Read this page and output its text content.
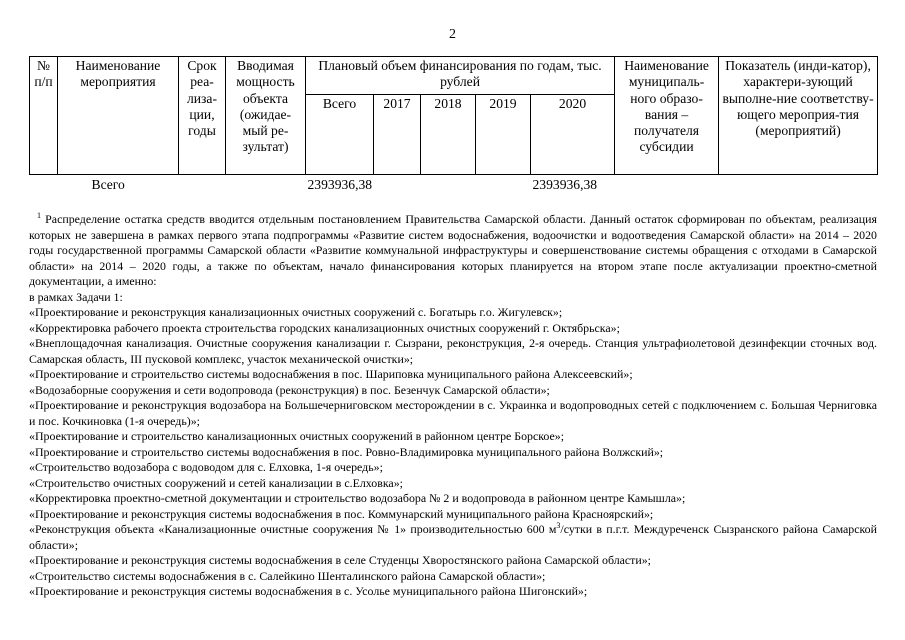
2
№ п/п	Наименование мероприятия	Срок реа-лиза-ции, годы	Вводимая мощность объекта (ожидае-мый ре-зультат)	Плановый объем финансирования по годам, тыс. рублей					Наименование муниципаль-ного образо-вания – получателя субсидии	Показатель (инди-катор), характери-зующий выполне-ние соответству-ющего мероприя-тия (мероприятий)
				Всего	2017	2018	2019	2020		
	Всего			2393936,38				2393936,38		

$^1$ Распределение остатка средств вводится отдельным постановлением Правительства Самарской области. Данный остаток сформирован по объектам, реализация которых не завершена в рамках первого этапа подпрограммы «Развитие систем водоснабжения, водоочистки и водоотведения Самарской области» на 2014 – 2020 годы государственной программы Самарской области «Развитие коммунальной инфраструктуры и совершенствование системы обращения с отходами в Самарской области» на 2014 – 2020 годы, а также по объектам, начало финансирования которых планируется на втором этапе после актуализации проектно-сметной документации, а именно:

в рамках Задачи 1:
«Проектирование и реконструкция канализационных очистных сооружений с. Богатырь г.о. Жигулевск»;
«Корректировка рабочего проекта строительства городских канализационных очистных сооружений г. Октябрьска»;
«Внеплощадочная канализация. Очистные сооружения канализации г. Сызрани, реконструкция, 2-я очередь. Станция ультрафиолетовой дезинфекции сточных вод. Самарская область, III пусковой комплекс, участок механической очистки»;
«Проектирование и строительство системы водоснабжения в пос. Шариповка муниципального района Алексеевский»;
«Водозаборные сооружения и сети водопровода (реконструкция) в пос. Безенчук Самарской области»;
«Проектирование и реконструкция водозабора на Большечерниговском месторождении в с. Украинка и водопроводных сетей с подключением с. Большая Черниговка и пос. Кочкиновка (1-я очередь)»;
«Проектирование и строительство канализационных очистных сооружений в районном центре Борское»;
«Проектирование и строительство системы водоснабжения в пос. Ровно-Владимировка муниципального района Волжский»;
«Строительство водозабора с водоводом для с. Елховка, 1-я очередь»;
«Строительство очистных сооружений и сетей канализации в с.Елховка»;
«Корректировка проектно-сметной документации и строительство водозабора № 2 и водопровода в районном центре Камышла»;
«Проектирование и реконструкция системы водоснабжения в пос. Коммунарский муниципального района Красноярский»;
«Реконструкция объекта «Канализационные очистные сооружения № 1» производительностью 600 $м^3$/сутки в п.г.т. Междуреченск Сызранского района Самарской области»;
«Проектирование и реконструкция системы водоснабжения в селе Студенцы Хворостянского района Самарской области»;
«Строительство системы водоснабжения в с. Салейкино Шенталинского района Самарской области»;
«Проектирование и реконструкция системы водоснабжения в с. Усолье муниципального района Шигонский»;
